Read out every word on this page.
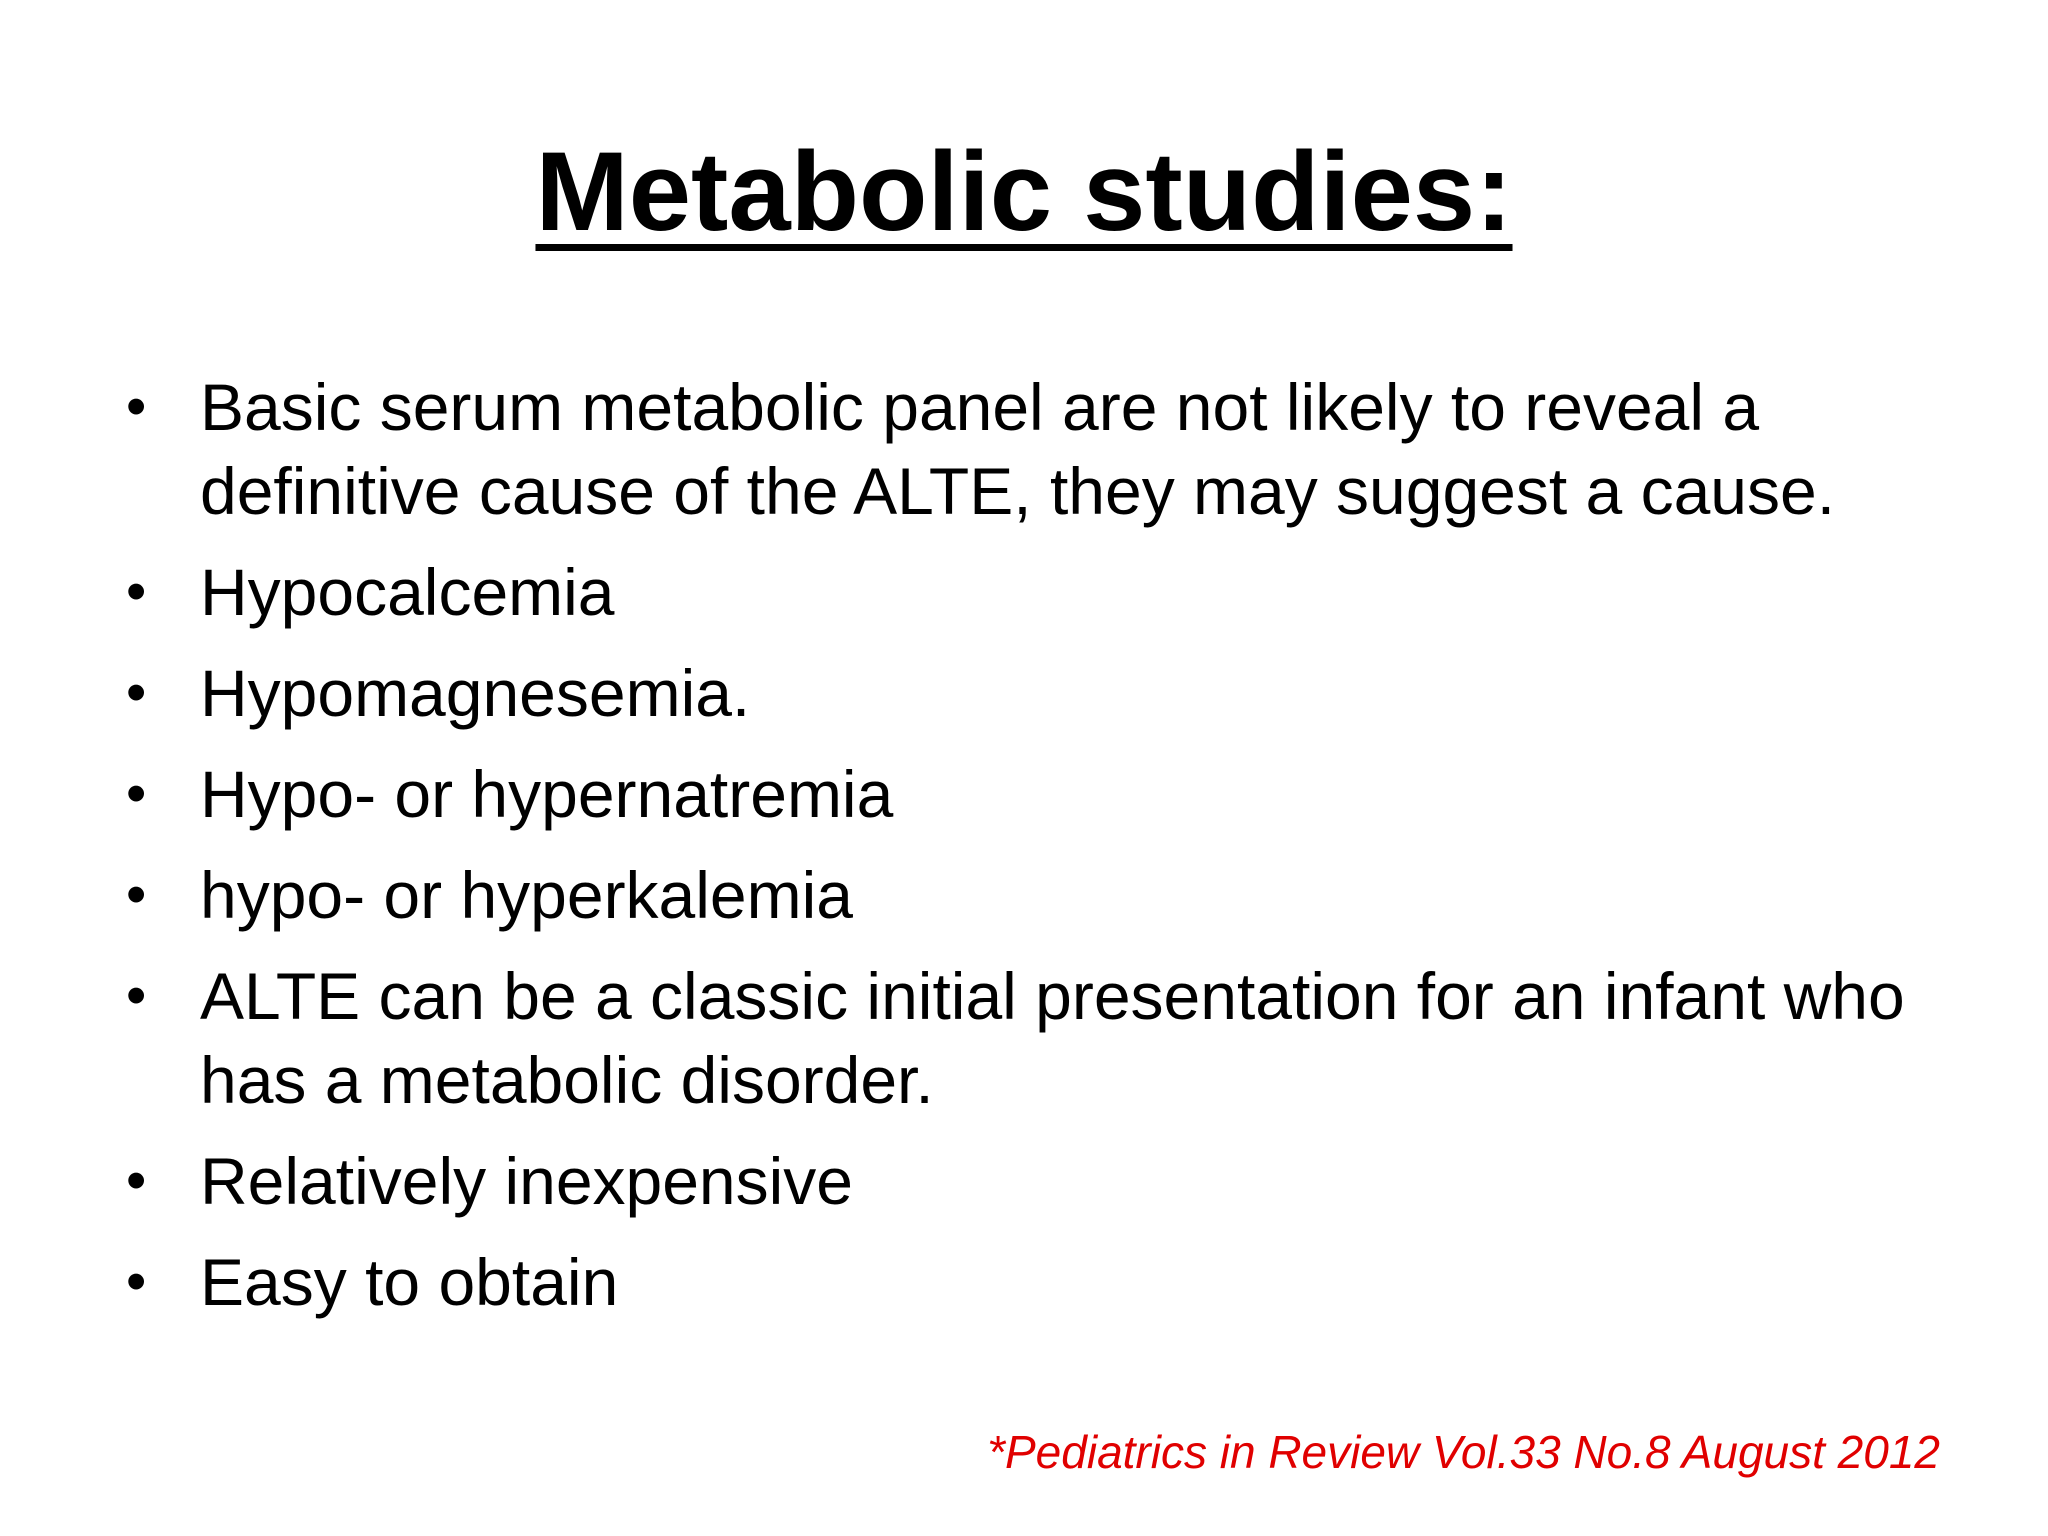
Metabolic studies:
• Basic serum metabolic panel are not likely to reveal a definitive cause of the ALTE, they may suggest a cause.
• Hypocalcemia
• Hypomagnesemia.
• Hypo- or hypernatremia
• hypo- or hyperkalemia
• ALTE can be a classic initial presentation for an infant who has a metabolic disorder.
• Relatively inexpensive
• Easy to obtain
*Pediatrics in Review Vol.33 No.8 August 2012
